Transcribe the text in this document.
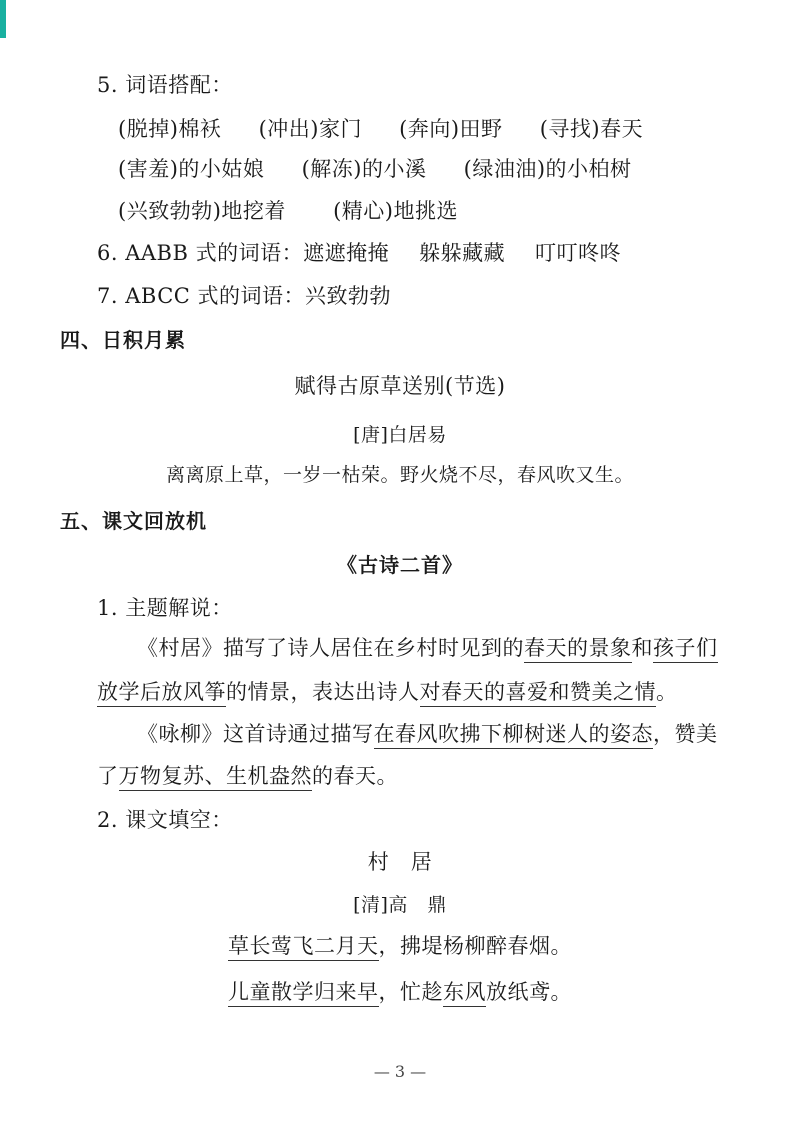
5. 词语搭配：
(脱掉)棉袄 (冲出)家门 (奔向)田野 (寻找)春天
(害羞)的小姑娘 (解冻)的小溪 (绿油油)的小柏树
(兴致勃勃)地挖着 (精心)地挑选
6. AABB 式的词语：遮遮掩掩 躲躲藏藏 叮叮咚咚
7. ABCC 式的词语：兴致勃勃
四、日积月累
赋得古原草送别(节选)
[唐]白居易
离离原上草，一岁一枯荣。野火烧不尽，春风吹又生。
五、课文回放机
《古诗二首》
1. 主题解说：
《村居》描写了诗人居住在乡村时见到的春天的景象和孩子们
放学后放风筝的情景，表达出诗人对春天的喜爱和赞美之情。
《咏柳》这首诗通过描写在春风吹拂下柳树迷人的姿态，赞美
了万物复苏、生机盎然的春天。
2. 课文填空：
村　居
[清]高　鼎
草长莺飞二月天，拂堤杨柳醉春烟。
儿童散学归来早，忙趁东风放纸鸢。
— 3 —
